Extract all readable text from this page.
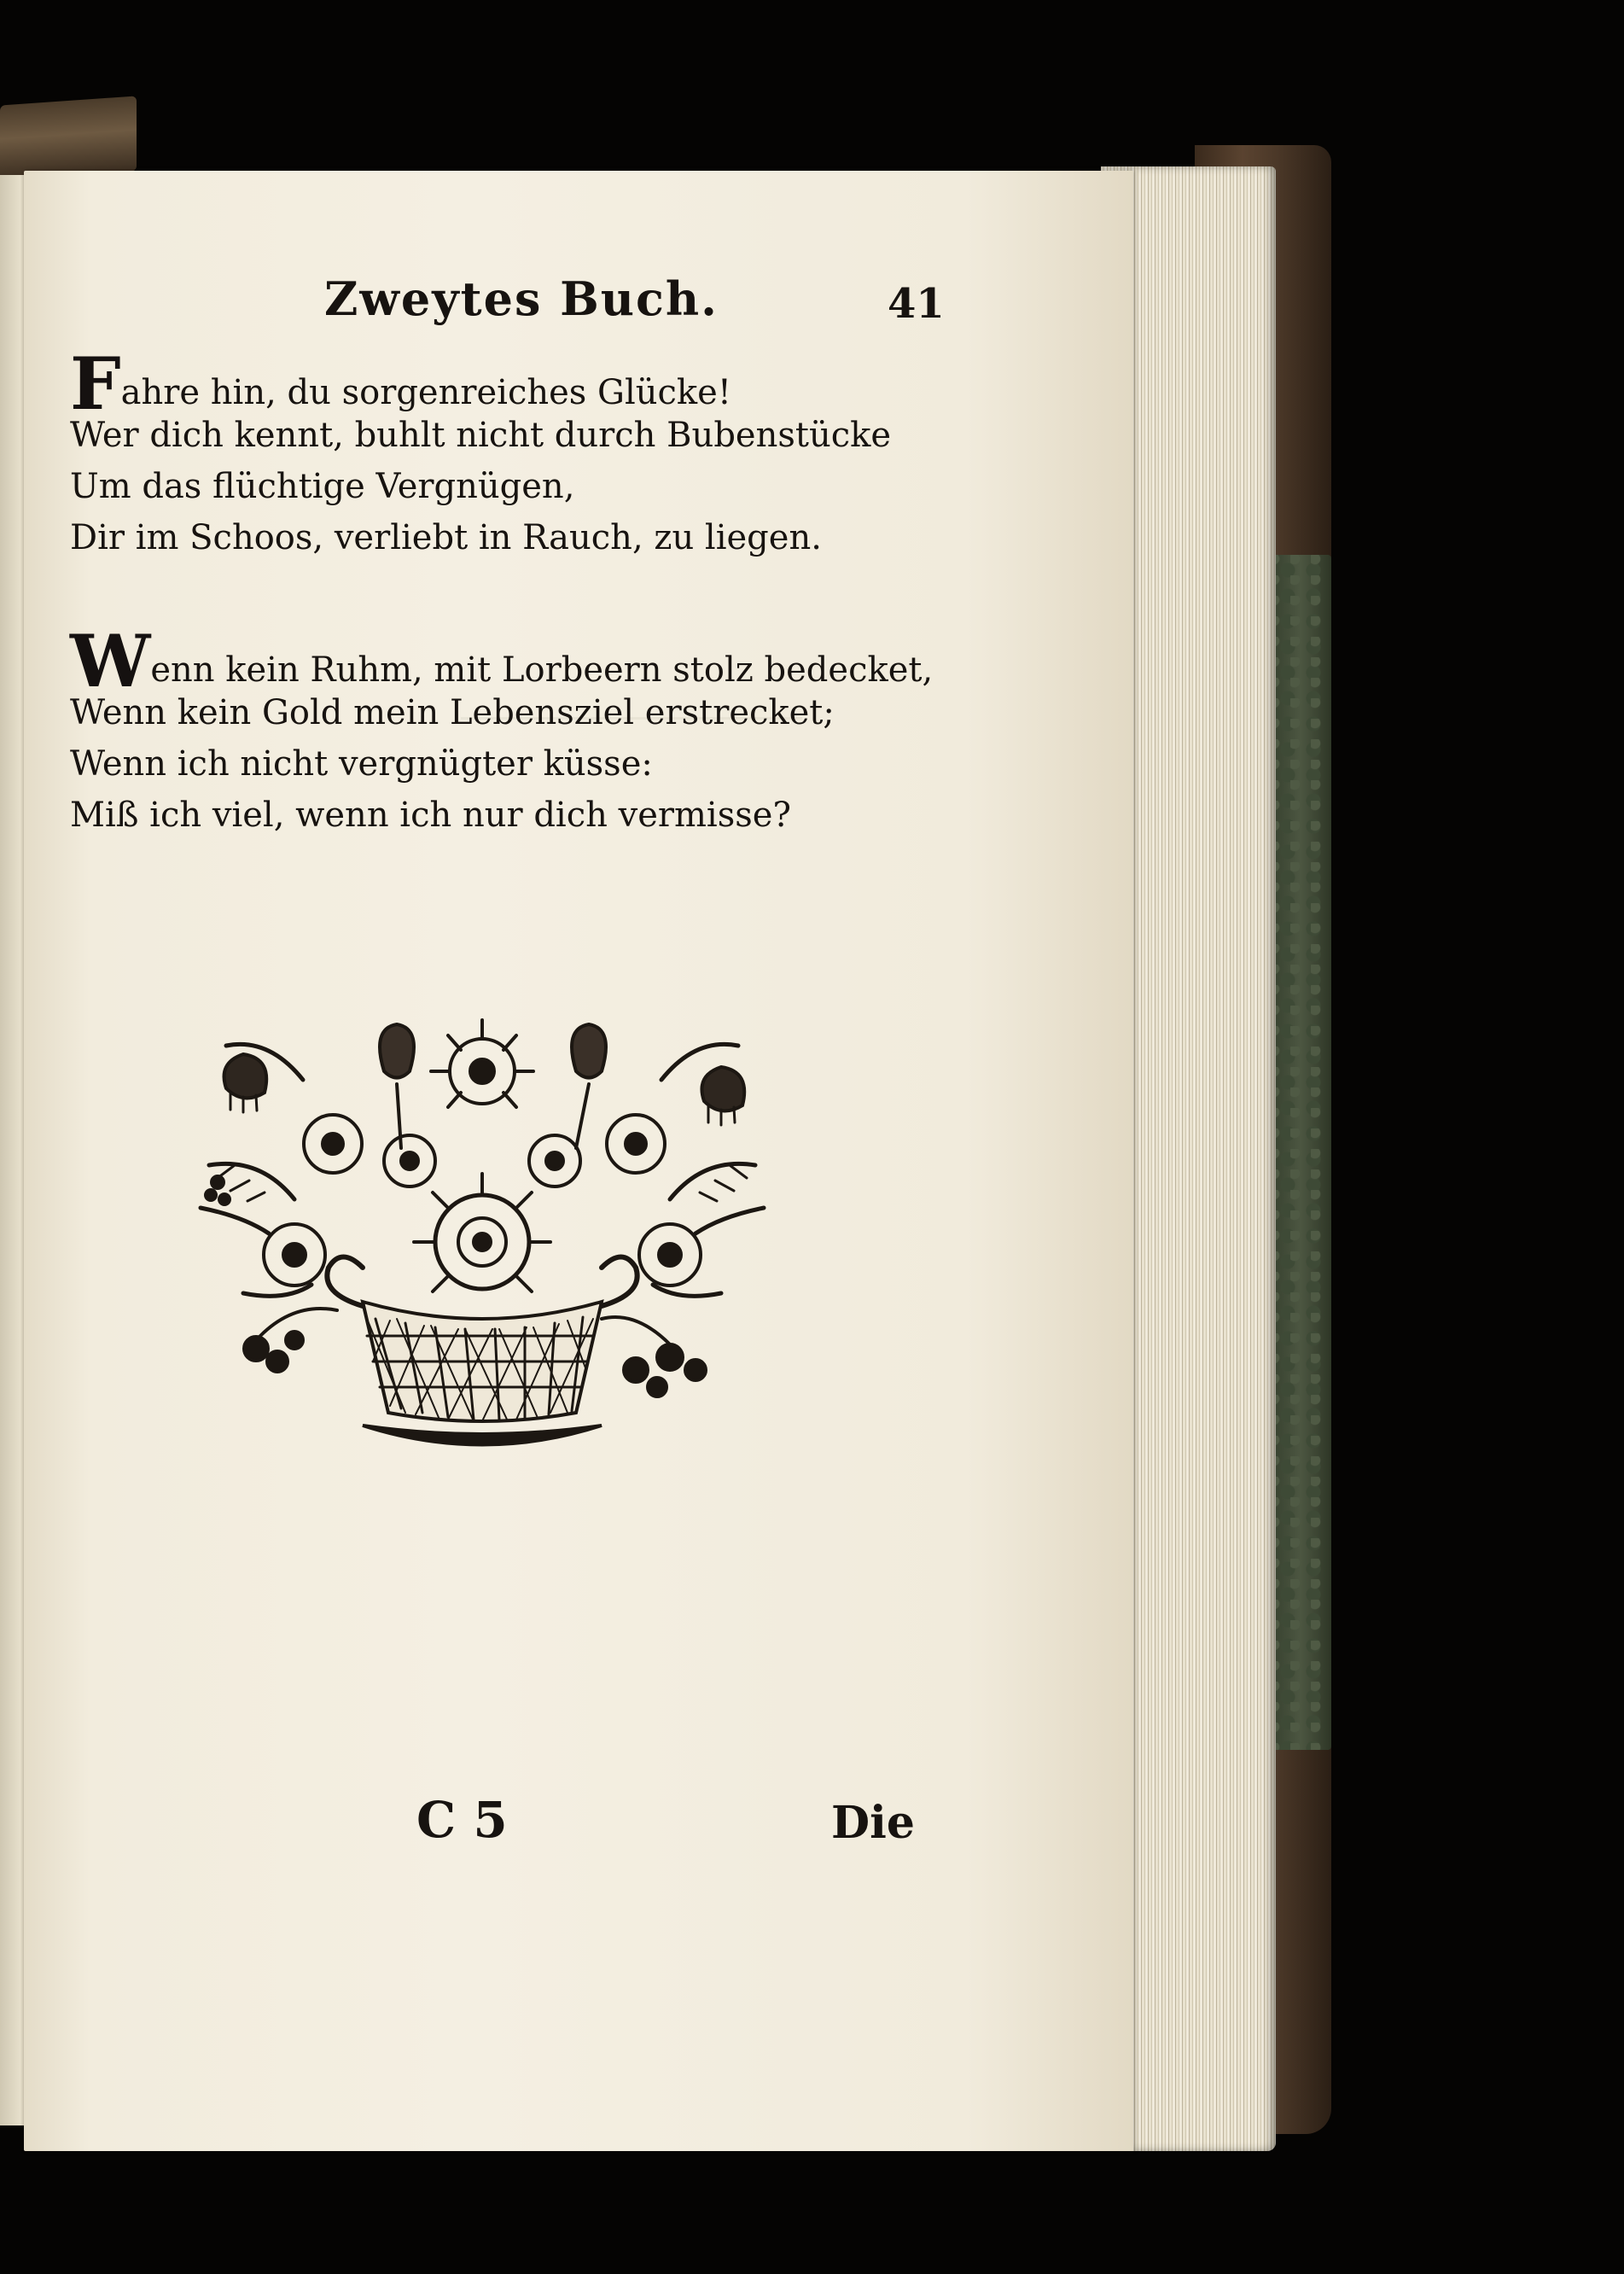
Zweytes Buch.	41
Fahre hin, du sorgenreiches Glücke!
Wer dich kennt, buhlt nicht durch Bubenstücke
Um das flüchtige Vergnügen,
Dir im Schoos, verliebt in Rauch, zu liegen.
Wenn kein Ruhm, mit Lorbeern stolz bedecket,
Wenn kein Gold mein Lebensziel erstrecket;
Wenn ich nicht vergnügter küsse:
Miß ich viel, wenn ich nur dich vermisse?
C 5	Die
